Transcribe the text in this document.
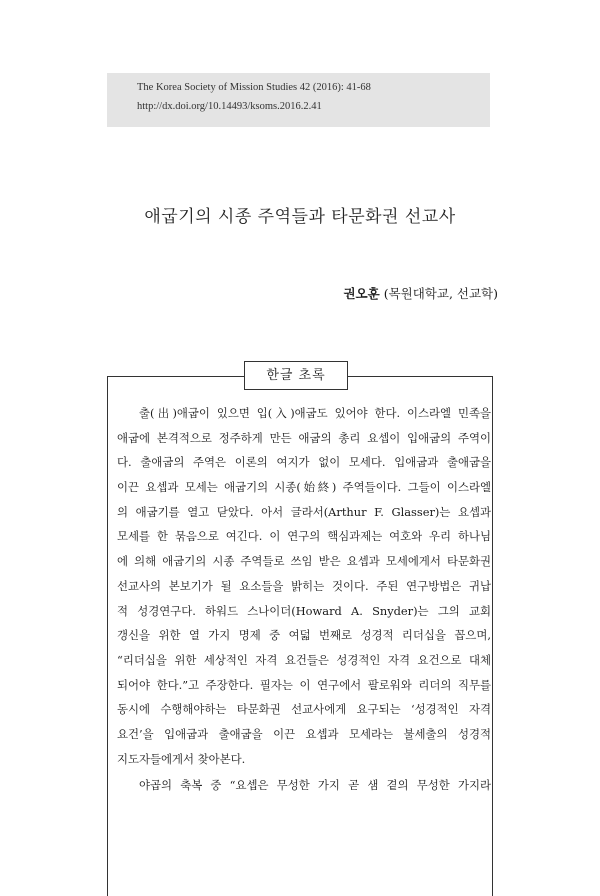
The Korea Society of Mission Studies 42 (2016): 41-68
http://dx.doi.org/10.14493/ksoms.2016.2.41
애굽기의 시종 주역들과 타문화권 선교사
권오훈 (목원대학교, 선교학)
한글 초록
출(出)애굽이 있으면 입(入)애굽도 있어야 한다. 이스라엘 민족을
애굽에 본격적으로 정주하게 만든 애굽의 총리 요셉이 입애굽의 주역이
다. 출애굽의 주역은 이론의 여지가 없이 모세다. 입애굽과 출애굽을
이끈 요셉과 모세는 애굽기의 시종(始終) 주역들이다. 그들이 이스라엘
의 애굽기를 열고 닫았다. 아서 글라서(Arthur F. Glasser)는 요셉과
모세를 한 묶음으로 여긴다. 이 연구의 핵심과제는 여호와 우리 하나님
에 의해 애굽기의 시종 주역들로 쓰임 받은 요셉과 모세에게서 타문화권
선교사의 본보기가 될 요소들을 밝히는 것이다. 주된 연구방법은 귀납
적 성경연구다. 하워드 스나이더(Howard A. Snyder)는 그의 교회
갱신을 위한 열 가지 명제 중 여덟 번째로 성경적 리더십을 꼽으며,
“리더십을 위한 세상적인 자격 요건들은 성경적인 자격 요건으로 대체
되어야 한다.”고 주장한다. 필자는 이 연구에서 팔로워와 리더의 직무를
동시에 수행해야하는 타문화권 선교사에게 요구되는 ‘성경적인 자격
요건’을 입애굽과 출애굽을 이끈 요셉과 모세라는 불세출의 성경적
지도자들에게서 찾아본다.
야곱의 축복 중 “요셉은 무성한 가지 곧 샘 곁의 무성한 가지라
